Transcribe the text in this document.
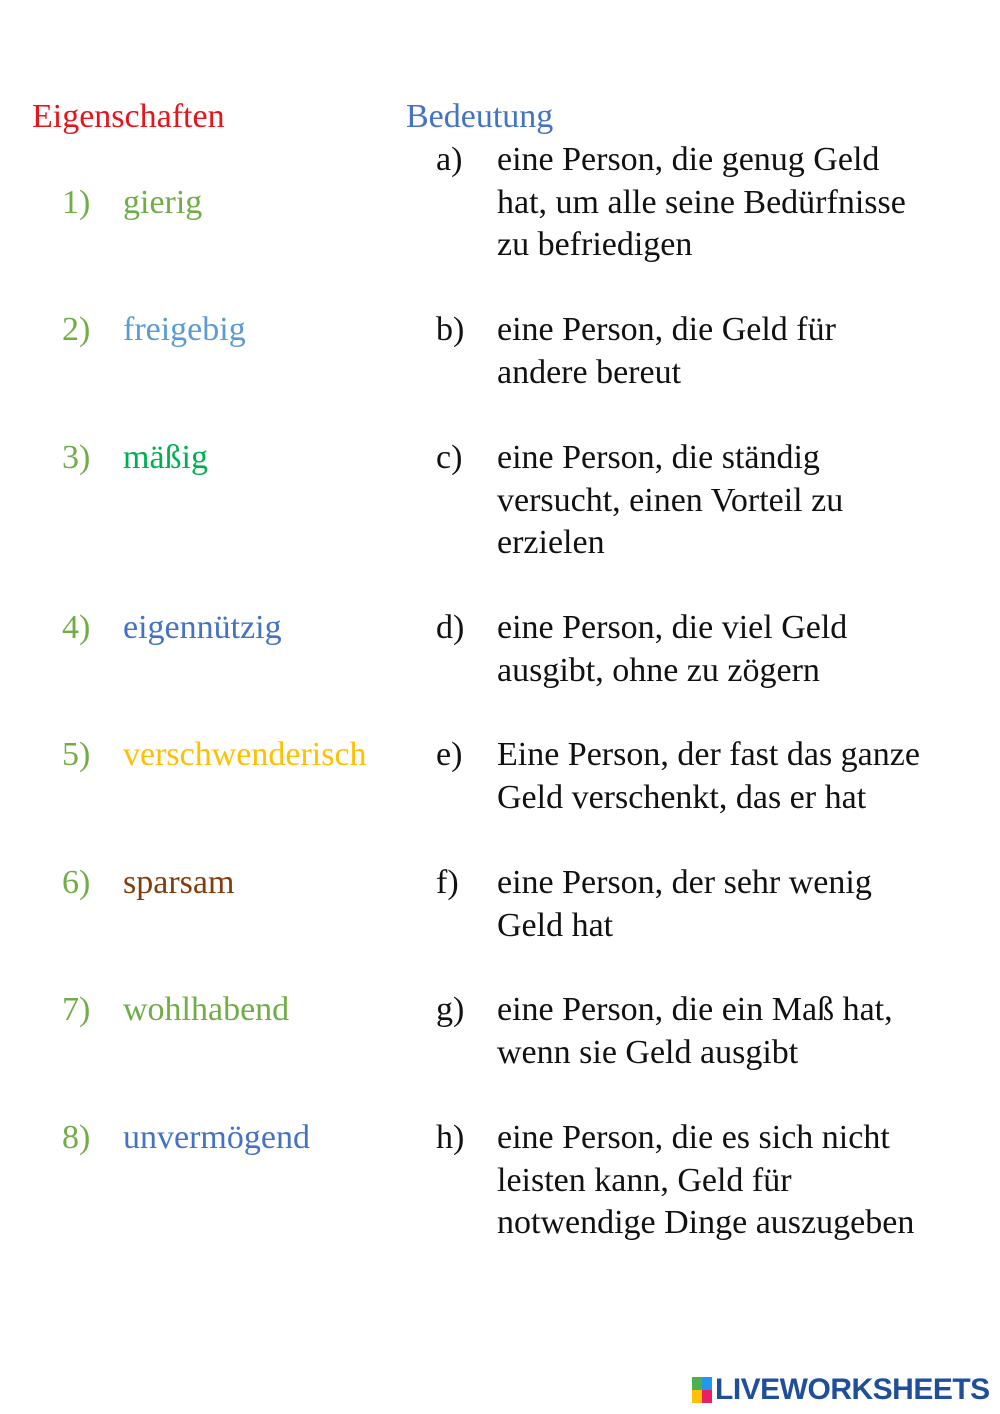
Eigenschaften	Bedeutung
1) gierig
2) freigebig
3) mäßig
4) eigennützig
5) verschwenderisch
6) sparsam
7) wohlhabend
8) unvermögend
a) eine Person, die genug Geld
hat, um alle seine Bedürfnisse
zu befriedigen
b) eine Person, die Geld für
andere bereut
c) eine Person, die ständig
versucht, einen Vorteil zu
erzielen
d) eine Person, die viel Geld
ausgibt, ohne zu zögern
e) Eine Person, der fast das ganze
Geld verschenkt, das er hat
f) eine Person, der sehr wenig
Geld hat
g) eine Person, die ein Maß hat,
wenn sie Geld ausgibt
h) eine Person, die es sich nicht
leisten kann, Geld für
notwendige Dinge auszugeben
LIVEWORKSHEETS
